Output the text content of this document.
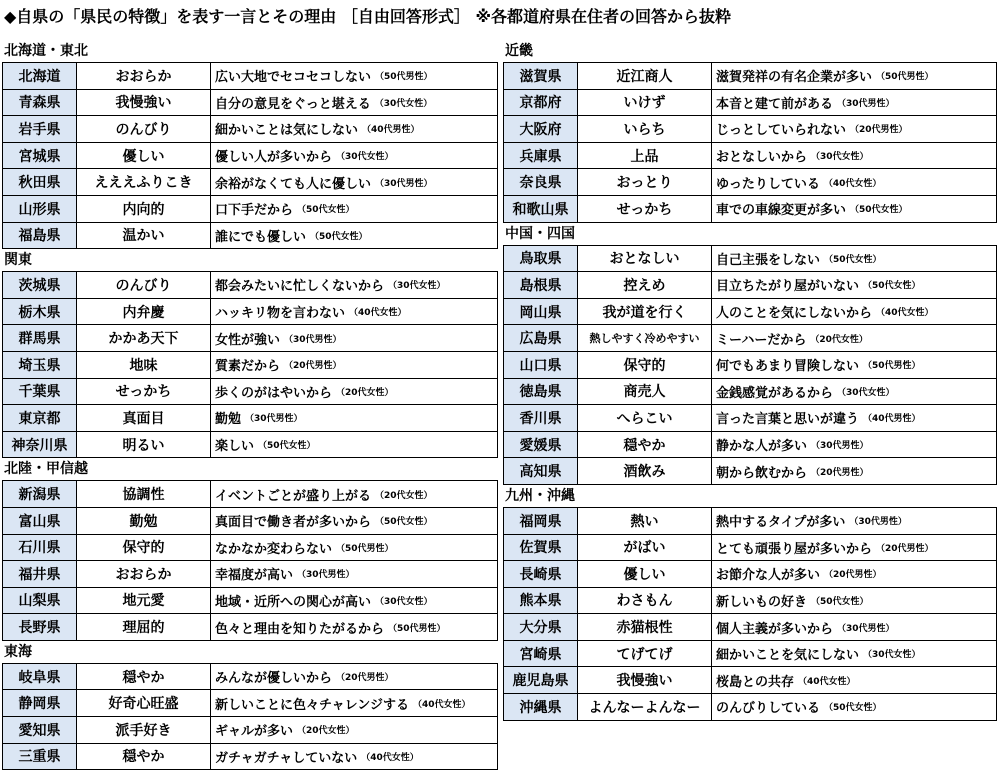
◆自県の「県民の特徴」を表す一言とその理由 ［自由回答形式］ ※各都道府県在住者の回答から抜粋
北海道・東北
北海道	おおらか	広い大地でセコセコしない （50代男性）
青森県	我慢強い	自分の意見をぐっと堪える （30代女性）
岩手県	のんびり	細かいことは気にしない （40代男性）
宮城県	優しい	優しい人が多いから （30代女性）
秋田県	えええふりこき	余裕がなくても人に優しい （30代男性）
山形県	内向的	口下手だから （50代女性）
福島県	温かい	誰にでも優しい （50代女性）
関東
茨城県	のんびり	都会みたいに忙しくないから （30代女性）
栃木県	内弁慶	ハッキリ物を言わない （40代女性）
群馬県	かかあ天下	女性が強い （30代男性）
埼玉県	地味	質素だから （20代男性）
千葉県	せっかち	歩くのがはやいから （20代女性）
東京都	真面目	勤勉 （30代男性）
神奈川県	明るい	楽しい （50代女性）
北陸・甲信越
新潟県	協調性	イベントごとが盛り上がる （20代女性）
富山県	勤勉	真面目で働き者が多いから （50代女性）
石川県	保守的	なかなか変わらない （50代男性）
福井県	おおらか	幸福度が高い （30代男性）
山梨県	地元愛	地域・近所への関心が高い （30代女性）
長野県	理屈的	色々と理由を知りたがるから （50代男性）
東海
岐阜県	穏やか	みんなが優しいから （20代男性）
静岡県	好奇心旺盛	新しいことに色々チャレンジする （40代女性）
愛知県	派手好き	ギャルが多い （20代女性）
三重県	穏やか	ガチャガチャしていない （40代女性）
近畿
滋賀県	近江商人	滋賀発祥の有名企業が多い （50代男性）
京都府	いけず	本音と建て前がある （30代男性）
大阪府	いらち	じっとしていられない （20代男性）
兵庫県	上品	おとなしいから （30代女性）
奈良県	おっとり	ゆったりしている （40代女性）
和歌山県	せっかち	車での車線変更が多い （50代女性）
中国・四国
鳥取県	おとなしい	自己主張をしない （50代女性）
島根県	控えめ	目立ちたがり屋がいない （50代女性）
岡山県	我が道を行く	人のことを気にしないから （40代女性）
広島県	熱しやすく冷めやすい	ミーハーだから （20代女性）
山口県	保守的	何でもあまり冒険しない （50代男性）
徳島県	商売人	金銭感覚があるから （30代女性）
香川県	へらこい	言った言葉と思いが違う （40代男性）
愛媛県	穏やか	静かな人が多い （30代男性）
高知県	酒飲み	朝から飲むから （20代男性）
九州・沖縄
福岡県	熱い	熱中するタイプが多い （30代男性）
佐賀県	がばい	とても頑張り屋が多いから （20代男性）
長崎県	優しい	お節介な人が多い （20代男性）
熊本県	わさもん	新しいもの好き （50代女性）
大分県	赤猫根性	個人主義が多いから （30代男性）
宮崎県	てげてげ	細かいことを気にしない （30代女性）
鹿児島県	我慢強い	桜島との共存 （40代女性）
沖縄県	よんなーよんなー	のんびりしている （50代女性）
